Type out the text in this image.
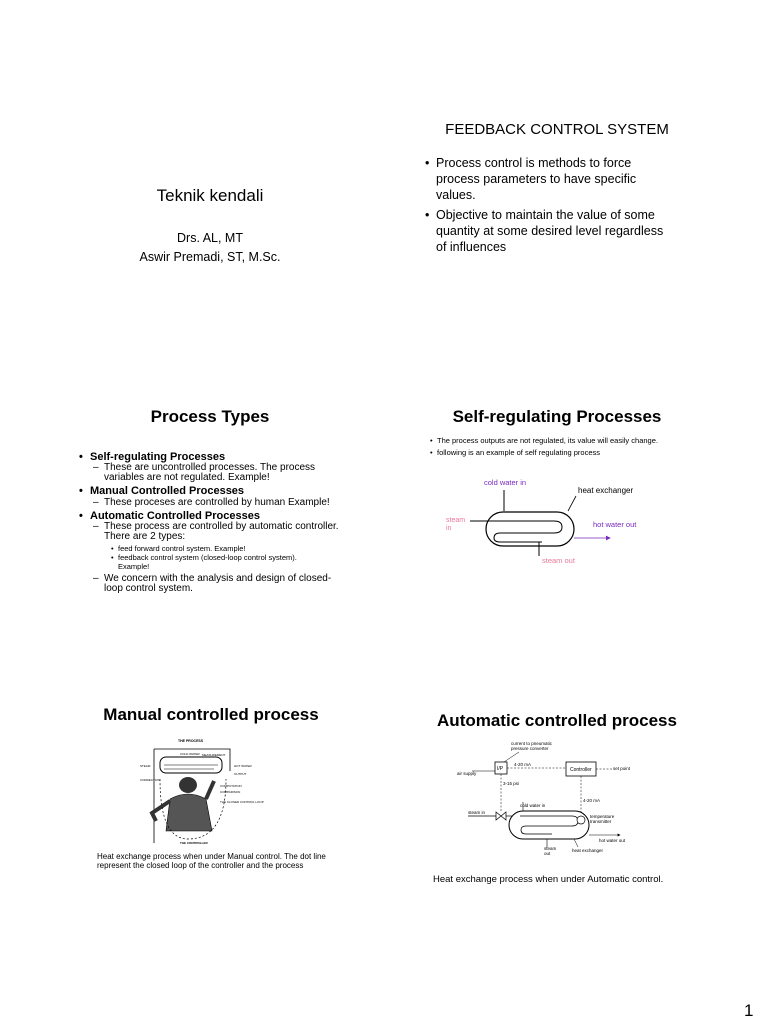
Teknik kendali
Drs. AL, MT
Aswir Premadi, ST, M.Sc.
FEEDBACK CONTROL SYSTEM
• Process control is methods to force
process parameters to have specific
values.
• Objective to maintain the value of some
quantity at some desired level regardless
of influences
Process Types
• Self-regulating Processes
– These are uncontrolled processes. The process
variables are not regulated. Example!
• Manual Controlled Processes
– These proceses are controlled by human Example!
• Automatic Controlled Processes
– These process are controlled by automatic controller.
There are 2 types:
• feed forward control system. Example!
• feedback control system (closed-loop control system).
Example!
– We concern with the analysis and design of closed-
loop control system.
Self-regulating Processes
• The process outputs are not regulated, its value will easily change.
• following is an example of self regulating process
cold water in
heat exchanger
steam
in	hot water out
steam out
Manual controlled process
THE PROCESS
COLD WATER MEASUREMENT
HOT WATER
OUTPUT
STEAM
CORRECTION
COMPUTATION
COMPARISON
THE CLOSED CONTROL LOOP
THE CONTROLLER
Heat exchange process when under Manual control. The dot line
represent the closed loop of the controller and the process
Automatic controlled process
current to pneumatic
pressure converter
I/P
4-20 mA
Controller	set point
air supply
3-15 psi
4-20 mA
steam in
cold water in
temperature
transmitter
hot water out
steam
out
heat exchanger
Heat exchange process when under Automatic control.
1
